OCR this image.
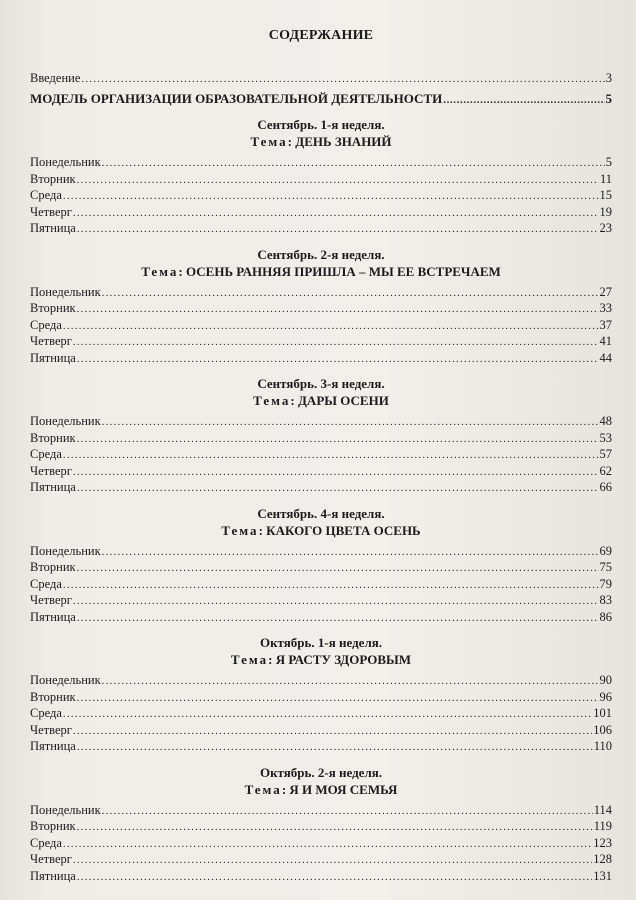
СОДЕРЖАНИЕ
Введение .....	3
МОДЕЛЬ ОРГАНИЗАЦИИ ОБРАЗОВАТЕЛЬНОЙ ДЕЯТЕЛЬНОСТИ .....	5
Сентябрь. 1-я неделя.
Тема: ДЕНЬ ЗНАНИЙ
Понедельник .....	5
Вторник .....	11
Среда .....	15
Четверг .....	19
Пятница .....	23
Сентябрь. 2-я неделя.
Тема: ОСЕНЬ РАННЯЯ ПРИШЛА – МЫ ЕЕ ВСТРЕЧАЕМ
Понедельник .....	27
Вторник .....	33
Среда .....	37
Четверг .....	41
Пятница .....	44
Сентябрь. 3-я неделя.
Тема: ДАРЫ ОСЕНИ
Понедельник .....	48
Вторник .....	53
Среда .....	57
Четверг .....	62
Пятница .....	66
Сентябрь. 4-я неделя.
Тема: КАКОГО ЦВЕТА ОСЕНЬ
Понедельник .....	69
Вторник .....	75
Среда .....	79
Четверг .....	83
Пятница .....	86
Октябрь. 1-я неделя.
Тема: Я РАСТУ ЗДОРОВЫМ
Понедельник .....	90
Вторник .....	96
Среда .....	101
Четверг .....	106
Пятница .....	110
Октябрь. 2-я неделя.
Тема: Я И МОЯ СЕМЬЯ
Понедельник .....	114
Вторник .....	119
Среда .....	123
Четверг .....	128
Пятница .....	131
